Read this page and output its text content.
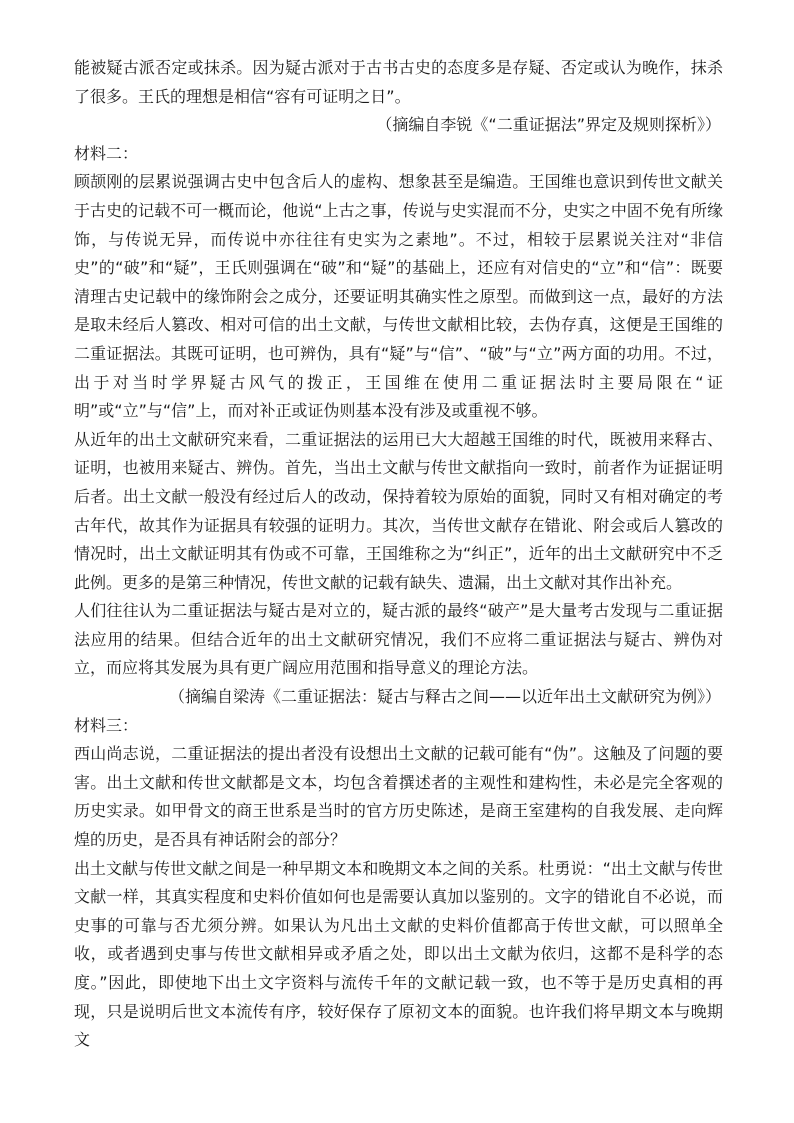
能被疑古派否定或抹杀。因为疑古派对于古书古史的态度多是存疑、否定或认为晚作，抹杀了很多。王氏的理想是相信“容有可证明之日”。

（摘编自李锐《“二重证据法”界定及规则探析》）

材料二：

顾颉刚的层累说强调古史中包含后人的虚构、想象甚至是编造。王国维也意识到传世文献关于古史的记载不可一概而论，他说“上古之事，传说与史实混而不分，史实之中固不免有所缘饰，与传说无异，而传说中亦往往有史实为之素地”。不过，相较于层累说关注对“非信史”的“破”和“疑”，王氏则强调在“破”和“疑”的基础上，还应有对信史的“立”和“信”：既要清理古史记载中的缘饰附会之成分，还要证明其确实性之原型。而做到这一点，最好的方法是取未经后人篡改、相对可信的出土文献，与传世文献相比较，去伪存真，这便是王国维的二重证据法。其既可证明，也可辨伪，具有“疑”与“信”、“破”与“立”两方面的功用。不过，出于对当时学界疑古风气的拨正，王国维在使用二重证据法时主要局限在“证明”或“立”与“信”上，而对补正或证伪则基本没有涉及或重视不够。

从近年的出土文献研究来看，二重证据法的运用已大大超越王国维的时代，既被用来释古、证明，也被用来疑古、辨伪。首先，当出土文献与传世文献指向一致时，前者作为证据证明后者。出土文献一般没有经过后人的改动，保持着较为原始的面貌，同时又有相对确定的考古年代，故其作为证据具有较强的证明力。其次，当传世文献存在错讹、附会或后人篡改的情况时，出土文献证明其有伪或不可靠，王国维称之为“纠正”，近年的出土文献研究中不乏此例。更多的是第三种情况，传世文献的记载有缺失、遗漏，出土文献对其作出补充。

人们往往认为二重证据法与疑古是对立的，疑古派的最终“破产”是大量考古发现与二重证据法应用的结果。但结合近年的出土文献研究情况，我们不应将二重证据法与疑古、辨伪对立，而应将其发展为具有更广阔应用范围和指导意义的理论方法。

（摘编自梁涛《二重证据法：疑古与释古之间——以近年出土文献研究为例》）

材料三：

西山尚志说，二重证据法的提出者没有设想出土文献的记载可能有“伪”。这触及了问题的要害。出土文献和传世文献都是文本，均包含着撰述者的主观性和建构性，未必是完全客观的历史实录。如甲骨文的商王世系是当时的官方历史陈述，是商王室建构的自我发展、走向辉煌的历史，是否具有神话附会的部分？

出土文献与传世文献之间是一种早期文本和晚期文本之间的关系。杜勇说：“出土文献与传世文献一样，其真实程度和史料价值如何也是需要认真加以鉴别的。文字的错讹自不必说，而史事的可靠与否尤须分辨。如果认为凡出土文献的史料价值都高于传世文献，可以照单全收，或者遇到史事与传世文献相异或矛盾之处，即以出土文献为依归，这都不是科学的态度。”因此，即使地下出土文字资料与流传千年的文献记载一致，也不等于是历史真相的再现，只是说明后世文本流传有序，较好保存了原初文本的面貌。也许我们将早期文本与晚期文
